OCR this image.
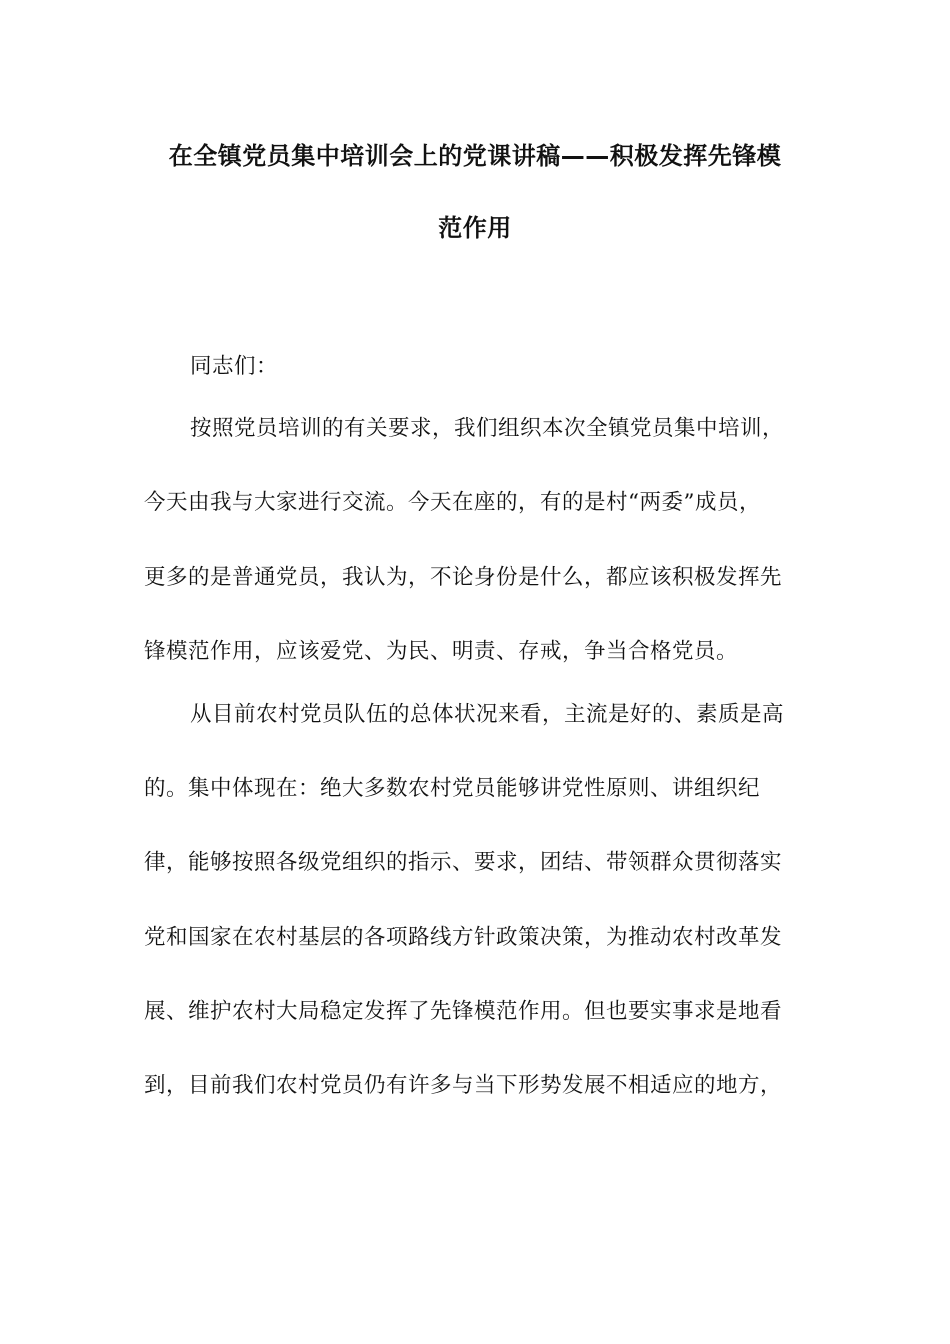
在全镇党员集中培训会上的党课讲稿——积极发挥先锋模
范作用
同志们：
按照党员培训的有关要求，我们组织本次全镇党员集中培训，
今天由我与大家进行交流。今天在座的，有的是村“两委”成员，
更多的是普通党员，我认为，不论身份是什么，都应该积极发挥先
锋模范作用，应该爱党、为民、明责、存戒，争当合格党员。
从目前农村党员队伍的总体状况来看，主流是好的、素质是高
的。集中体现在：绝大多数农村党员能够讲党性原则、讲组织纪
律，能够按照各级党组织的指示、要求，团结、带领群众贯彻落实
党和国家在农村基层的各项路线方针政策决策，为推动农村改革发
展、维护农村大局稳定发挥了先锋模范作用。但也要实事求是地看
到，目前我们农村党员仍有许多与当下形势发展不相适应的地方，
